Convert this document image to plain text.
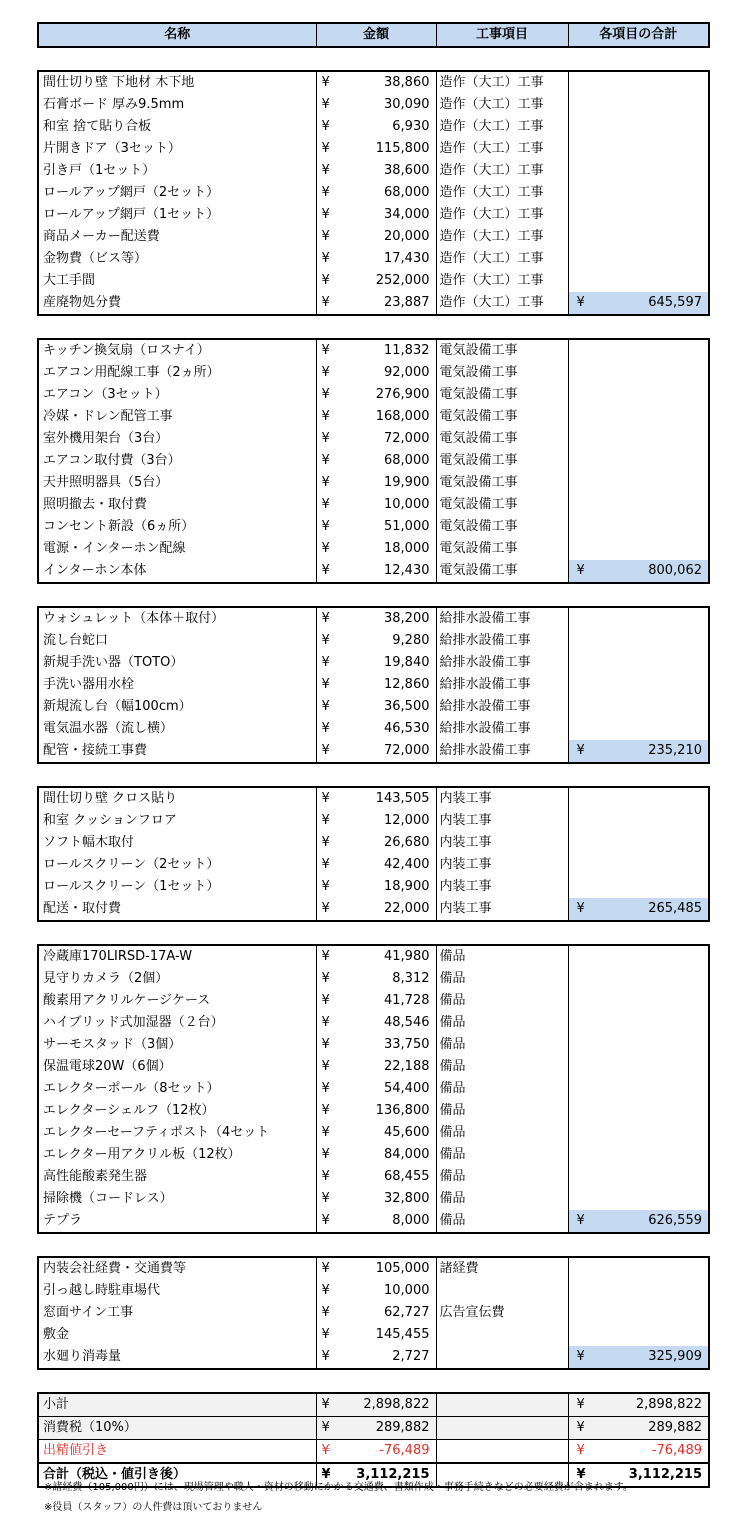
名称	金額	工事項目	各項目の合計
間仕切り壁 下地材 木下地	¥ 38,860	造作（大工）工事	
石膏ボード 厚み9.5mm	¥ 30,090	造作（大工）工事	
和室 捨て貼り合板	¥ 6,930	造作（大工）工事	
片開きドア（3セット）	¥ 115,800	造作（大工）工事	
引き戸（1セット）	¥ 38,600	造作（大工）工事	
ロールアップ網戸（2セット）	¥ 68,000	造作（大工）工事	
ロールアップ網戸（1セット）	¥ 34,000	造作（大工）工事	
商品メーカー配送費	¥ 20,000	造作（大工）工事	
金物費（ビス等）	¥ 17,430	造作（大工）工事	
大工手間	¥ 252,000	造作（大工）工事	
産廃物処分費	¥ 23,887	造作（大工）工事	¥ 645,597
キッチン換気扇（ロスナイ）	¥ 11,832	電気設備工事	
エアコン用配線工事（2ヵ所）	¥ 92,000	電気設備工事	
エアコン（3セット）	¥ 276,900	電気設備工事	
冷媒・ドレン配管工事	¥ 168,000	電気設備工事	
室外機用架台（3台）	¥ 72,000	電気設備工事	
エアコン取付費（3台）	¥ 68,000	電気設備工事	
天井照明器具（5台）	¥ 19,900	電気設備工事	
照明撤去・取付費	¥ 10,000	電気設備工事	
コンセント新設（6ヵ所）	¥ 51,000	電気設備工事	
電源・インターホン配線	¥ 18,000	電気設備工事	
インターホン本体	¥ 12,430	電気設備工事	¥ 800,062
ウォシュレット（本体＋取付）	¥ 38,200	給排水設備工事	
流し台蛇口	¥ 9,280	給排水設備工事	
新規手洗い器（TOTO）	¥ 19,840	給排水設備工事	
手洗い器用水栓	¥ 12,860	給排水設備工事	
新規流し台（幅100cm）	¥ 36,500	給排水設備工事	
電気温水器（流し横）	¥ 46,530	給排水設備工事	
配管・接続工事費	¥ 72,000	給排水設備工事	¥ 235,210
間仕切り壁 クロス貼り	¥ 143,505	内装工事	
和室 クッションフロア	¥ 12,000	内装工事	
ソフト幅木取付	¥ 26,680	内装工事	
ロールスクリーン（2セット）	¥ 42,400	内装工事	
ロールスクリーン（1セット）	¥ 18,900	内装工事	
配送・取付費	¥ 22,000	内装工事	¥ 265,485
冷蔵庫170LIRSD-17A-W	¥ 41,980	備品	
見守りカメラ（2個）	¥ 8,312	備品	
酸素用アクリルケージケース	¥ 41,728	備品	
ハイブリッド式加湿器（２台）	¥ 48,546	備品	
サーモスタッド（3個）	¥ 33,750	備品	
保温電球20W（6個）	¥ 22,188	備品	
エレクターポール（8セット）	¥ 54,400	備品	
エレクターシェルフ（12枚）	¥ 136,800	備品	
エレクターセーフティポスト（4セット	¥ 45,600	備品	
エレクター用アクリル板（12枚）	¥ 84,000	備品	
高性能酸素発生器	¥ 68,455	備品	
掃除機（コードレス）	¥ 32,800	備品	
テプラ	¥ 8,000	備品	¥ 626,559
内装会社経費・交通費等	¥ 105,000	諸経費	
引っ越し時駐車場代	¥ 10,000		

窓面サイン工事	¥ 62,727	広告宣伝費	
敷金	¥ 145,455		

水廻り消毒量	¥ 2,727		¥ 325,909
小計	¥ 2,898,822		¥ 2,898,822

消費税（10%）	¥ 289,882		¥ 289,882

出精値引き	¥ -76,489		¥ -76,489

合計（税込・値引き後）	¥ 3,112,215		¥ 3,112,215
※諸経費（105,000円）には、現場管理や職人・資材の移動にかかる交通費、書類作成・事務手続きなどの必要経費が含まれます。
※役員（スタッフ）の人件費は頂いておりません
